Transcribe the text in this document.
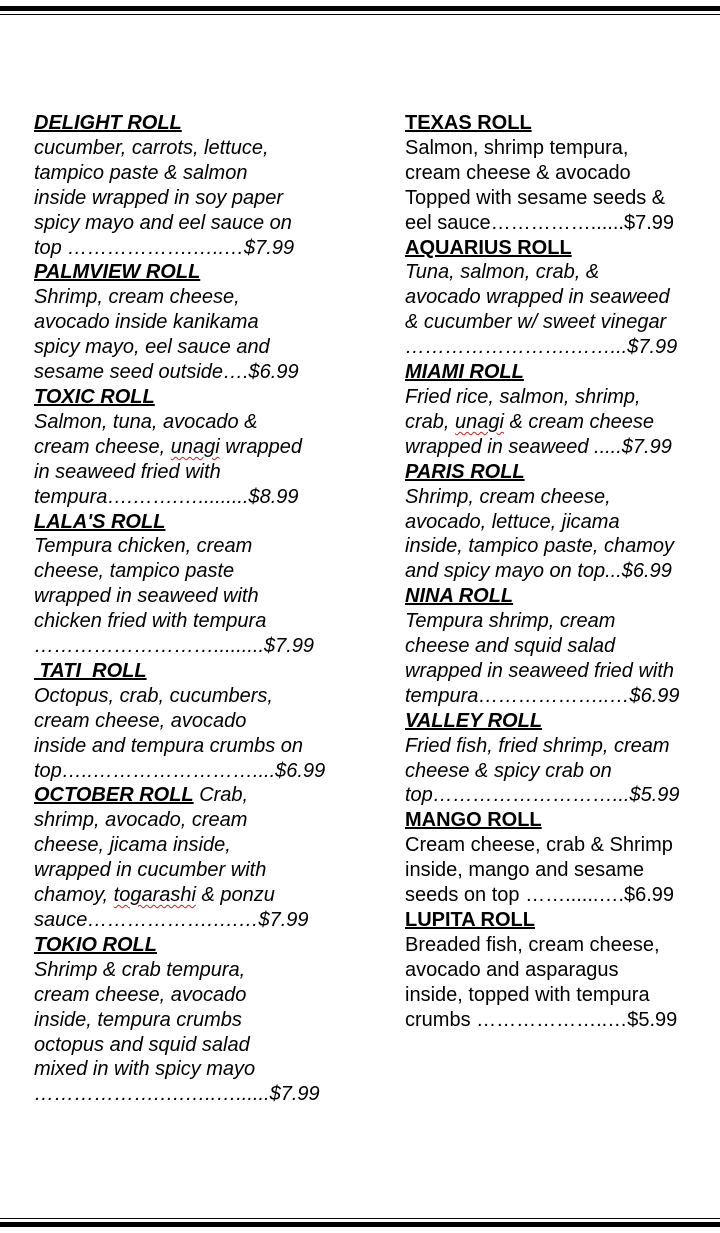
DELIGHT ROLL
cucumber, carrots, lettuce,
tampico paste & salmon
inside wrapped in soy paper
spicy mayo and eel sauce on
top ……………….…..…$7.99
PALMVIEW ROLL
Shrimp, cream cheese,
avocado inside kanikama
spicy mayo, eel sauce and
sesame seed outside….$6.99
TOXIC ROLL
Salmon, tuna, avocado &
cream cheese, unagi wrapped
in seaweed fried with
tempura….…….….........$8.99
LALA'S ROLL
Tempura chicken, cream
cheese, tampico paste
wrapped in seaweed with
chicken fried with tempura
……………………….........$7.99
TATI  ROLL
Octopus, crab, cucumbers,
cream cheese, avocado
inside and tempura crumbs on
top…..……………………....$6.99
OCTOBER ROLL Crab,
shrimp, avocado, cream
cheese, jicama inside,
wrapped in cucumber with
chamoy, togarashi & ponzu
sauce……………….….…$7.99
TOKIO ROLL
Shrimp & crab tempura,
cream cheese, avocado
inside, tempura crumbs
octopus and squid salad
mixed in with spicy mayo
……………….….…..…......$7.99
TEXAS ROLL
Salmon, shrimp tempura,
cream cheese & avocado
Topped with sesame seeds &
eel sauce……………......$7.99
AQUARIUS ROLL
Tuna, salmon, crab, &
avocado wrapped in seaweed
& cucumber w/ sweet vinegar
…………………….……...$7.99
MIAMI ROLL
Fried rice, salmon, shrimp,
crab, unagi & cream cheese
wrapped in seaweed .....$7.99
PARIS ROLL
Shrimp, cream cheese,
avocado, lettuce, jicama
inside, tampico paste, chamoy
and spicy mayo on top...$6.99
NINA ROLL
Tempura shrimp, cream
cheese and squid salad
wrapped in seaweed fried with
tempura………………..…$6.99
VALLEY ROLL
Fried fish, fried shrimp, cream
cheese & spicy crab on
top………………………...$5.99
MANGO ROLL
Cream cheese, crab & Shrimp
inside, mango and sesame
seeds on top ……......….$6.99
LUPITA ROLL
Breaded fish, cream cheese,
avocado and asparagus
inside, topped with tempura
crumbs ………………..…$5.99
